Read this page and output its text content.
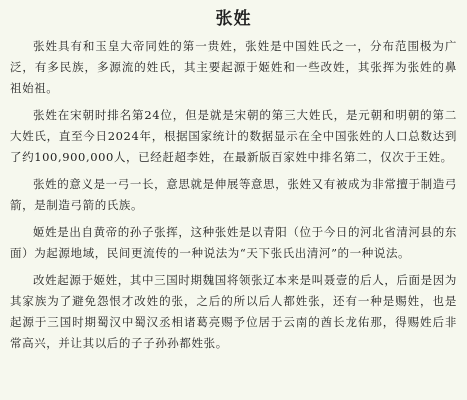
张姓

张姓具有和玉皇大帝同姓的第一贵姓，张姓是中国姓氏之一，分布范围极为广泛，有多民族，多源流的姓氏，其主要起源于姬姓和一些改姓，其张挥为张姓的鼻祖始祖。

张姓在宋朝时排名第24位，但是就是宋朝的第三大姓氏，是元朝和明朝的第二大姓氏，直至今日2024年，根据国家统计的数据显示在全中国张姓的人口总数达到了约100,900,000人，已经赶超李姓，在最新版百家姓中排名第二，仅次于王姓。

张姓的意义是一弓一长，意思就是伸展等意思，张姓又有被成为非常擅于制造弓箭，是制造弓箭的氏族。

姬姓是出自黄帝的孙子张挥，这种张姓是以青阳（位于今日的河北省清河县的东面）为起源地域，民间更流传的一种说法为“天下张氏出清河”的一种说法。

改姓起源于姬姓，其中三国时期魏国将领张辽本来是叫聂壹的后人，后面是因为其家族为了避免怨恨才改姓的张，之后的所以后人都姓张，还有一种是赐姓，也是起源于三国时期蜀汉中蜀汉丞相诸葛亮赐予位居于云南的酋长龙佑那，得赐姓后非常高兴，并让其以后的子子孙孙都姓张。
